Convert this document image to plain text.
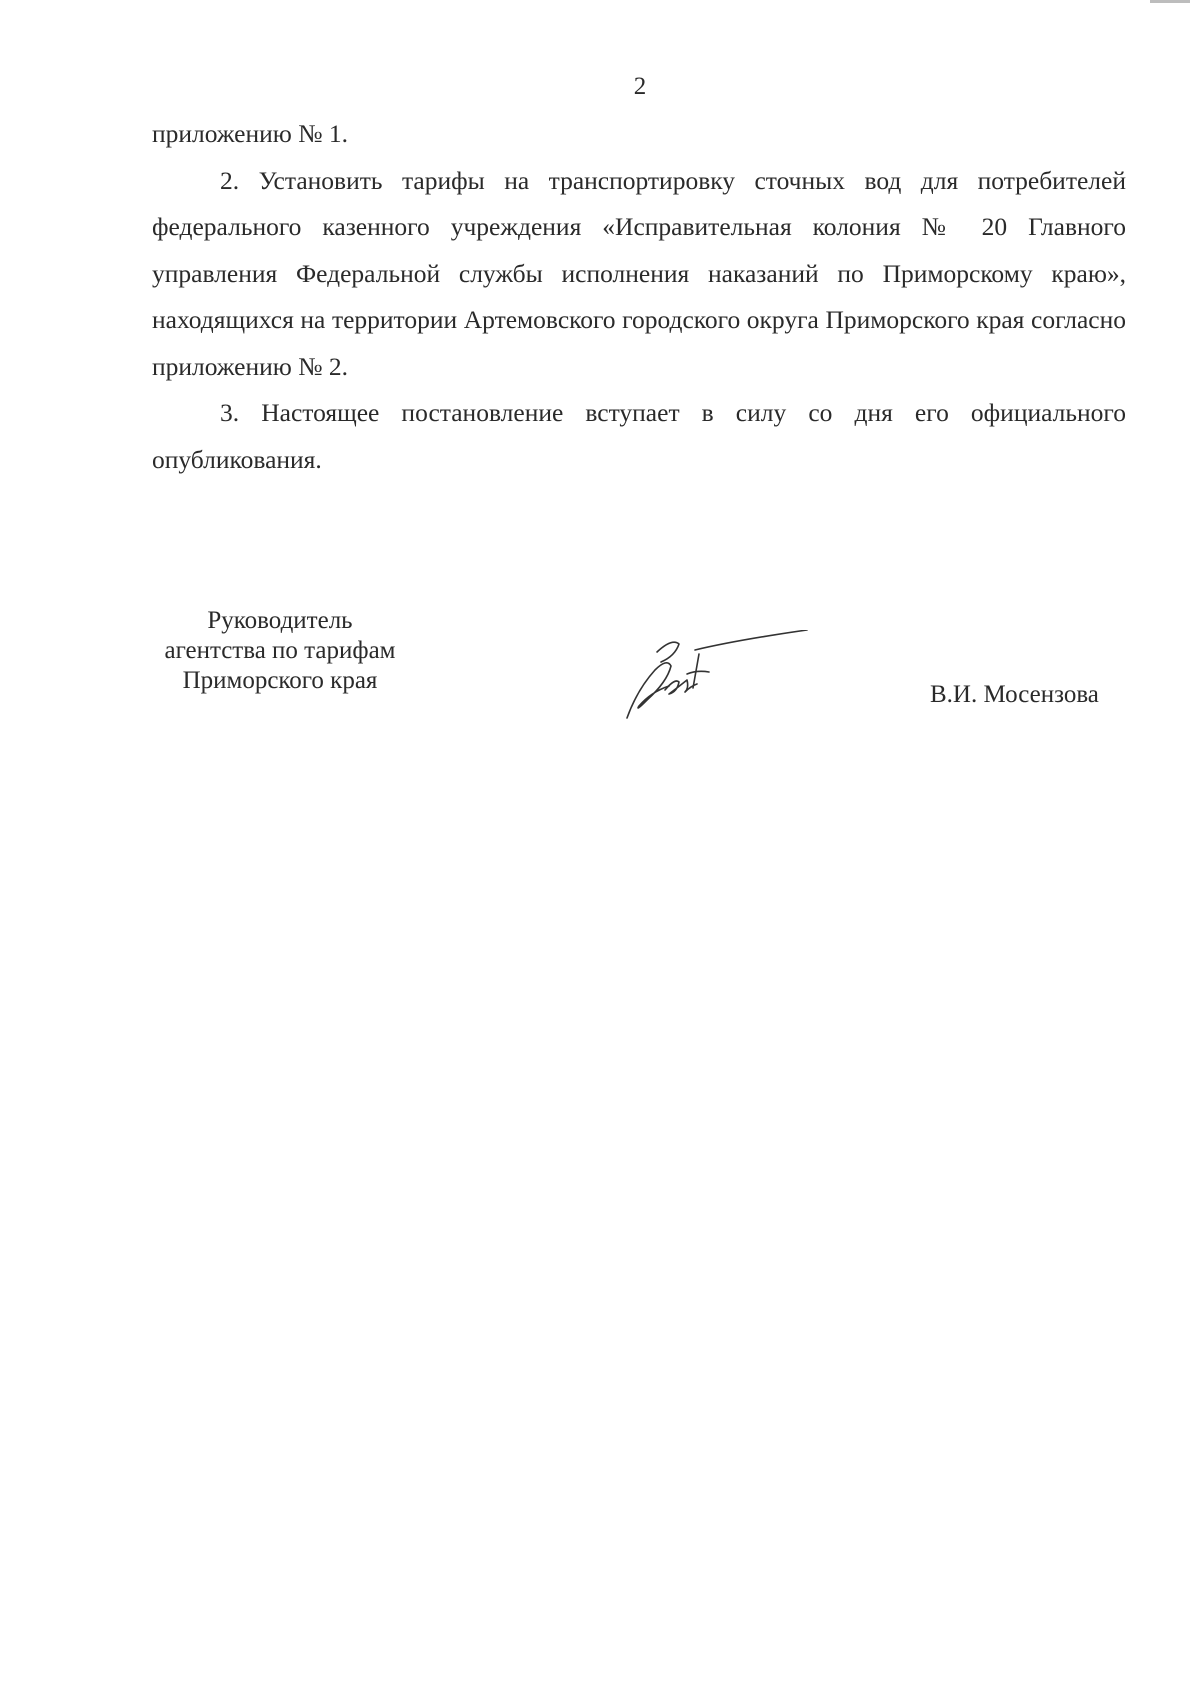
2

приложению № 1.

2. Установить тарифы на транспортировку сточных вод для потребителей федерального казенного учреждения «Исправительная колония № 20 Главного управления Федеральной службы исполнения наказаний по Приморскому краю», находящихся на территории Артемовского городского округа Приморского края согласно приложению № 2.

3. Настоящее постановление вступает в силу со дня его официального опубликования.

Руководитель
агентства по тарифам
Приморского края
В.И. Мосензова
